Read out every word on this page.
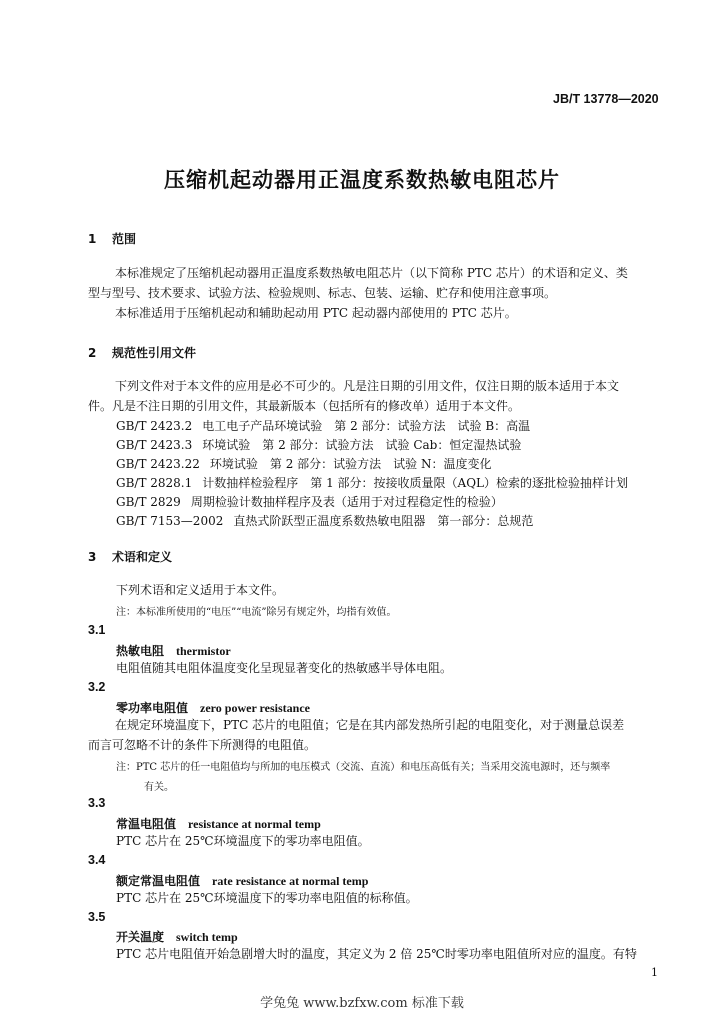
JB/T 13778—2020
压缩机起动器用正温度系数热敏电阻芯片
1 范围
本标准规定了压缩机起动器用正温度系数热敏电阻芯片（以下简称 PTC 芯片）的术语和定义、类型与型号、技术要求、试验方法、检验规则、标志、包装、运输、贮存和使用注意事项。
本标准适用于压缩机起动和辅助起动用 PTC 起动器内部使用的 PTC 芯片。
2 规范性引用文件
下列文件对于本文件的应用是必不可少的。凡是注日期的引用文件，仅注日期的版本适用于本文件。凡是不注日期的引用文件，其最新版本（包括所有的修改单）适用于本文件。
GB/T 2423.2 电工电子产品环境试验　第 2 部分：试验方法　试验 B：高温
GB/T 2423.3 环境试验　第 2 部分：试验方法　试验 Cab：恒定湿热试验
GB/T 2423.22 环境试验　第 2 部分：试验方法　试验 N：温度变化
GB/T 2828.1 计数抽样检验程序　第 1 部分：按接收质量限（AQL）检索的逐批检验抽样计划
GB/T 2829 周期检验计数抽样程序及表（适用于对过程稳定性的检验）
GB/T 7153—2002 直热式阶跃型正温度系数热敏电阻器　第一部分：总规范
3 术语和定义
下列术语和定义适用于本文件。
注：本标准所使用的“电压”“电流”除另有规定外，均指有效值。
3.1
热敏电阻 thermistor
电阻值随其电阻体温度变化呈现显著变化的热敏感半导体电阻。
3.2
零功率电阻值 zero power resistance
在规定环境温度下，PTC 芯片的电阻值；它是在其内部发热所引起的电阻变化，对于测量总误差而言可忽略不计的条件下所测得的电阻值。
注：PTC 芯片的任一电阻值均与所加的电压模式（交流、直流）和电压高低有关；当采用交流电源时，还与频率
有关。
3.3
常温电阻值 resistance at normal temp
PTC 芯片在 25℃环境温度下的零功率电阻值。
3.4
额定常温电阻值 rate resistance at normal temp
PTC 芯片在 25℃环境温度下的零功率电阻值的标称值。
3.5
开关温度 switch temp
PTC 芯片电阻值开始急剧增大时的温度，其定义为 2 倍 25℃时零功率电阻值所对应的温度。有特
1
学兔兔 www.bzfxw.com 标准下载
